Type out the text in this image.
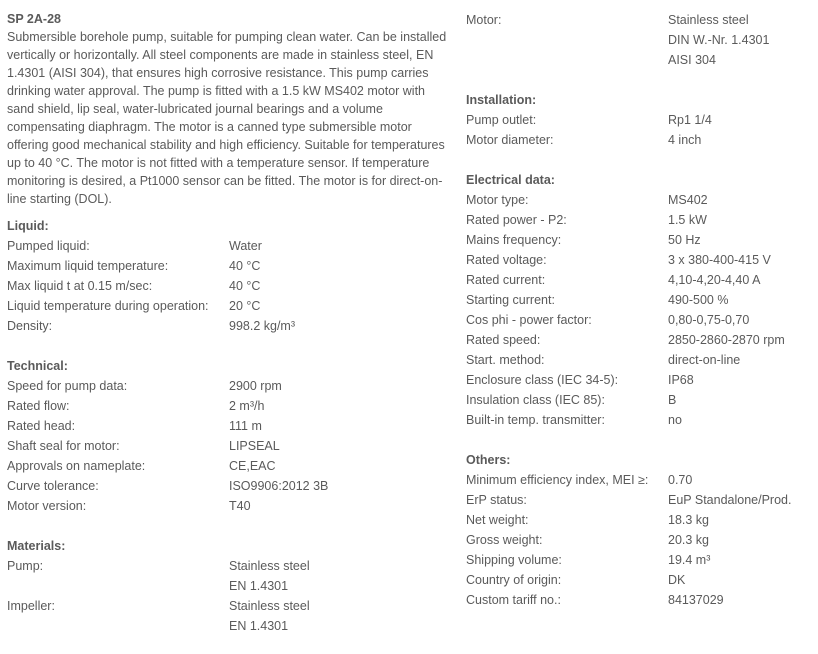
SP 2A-28

Submersible borehole pump, suitable for pumping clean water. Can be installed vertically or horizontally. All steel components are made in stainless steel, EN 1.4301 (AISI 304), that ensures high corrosive resistance. This pump carries drinking water approval. The pump is fitted with a 1.5 kW MS402 motor with sand shield, lip seal, water-lubricated journal bearings and a volume compensating diaphragm. The motor is a canned type submersible motor offering good mechanical stability and high efficiency. Suitable for temperatures up to 40 °C. The motor is not fitted with a temperature sensor. If temperature monitoring is desired, a Pt1000 sensor can be fitted. The motor is for direct-on-line starting (DOL).

Liquid:
Pumped liquid:	Water
Maximum liquid temperature:	40 °C
Max liquid t at 0.15 m/sec:	40 °C
Liquid temperature during operation: 20 °C
Density:	998.2 kg/m³
Technical:
Speed for pump data:	2900 rpm
Rated flow:	2 m³/h
Rated head:	111 m
Shaft seal for motor:	LIPSEAL
Approvals on nameplate:	CE,EAC
Curve tolerance:	ISO9906:2012 3B
Motor version:	T40
Materials:
Pump:	Stainless steel
EN 1.4301
Impeller:	Stainless steel
EN 1.4301
Motor:	Stainless steel
DIN W.-Nr. 1.4301
AISI 304
Installation:
Pump outlet:	Rp1 1/4
Motor diameter:	4 inch
Electrical data:
Motor type:	MS402
Rated power - P2:	1.5 kW
Mains frequency:	50 Hz
Rated voltage:	3 x 380-400-415 V
Rated current:	4,10-4,20-4,40 A
Starting current:	490-500 %
Cos phi - power factor:	0,80-0,75-0,70
Rated speed:	2850-2860-2870 rpm
Start. method:	direct-on-line
Enclosure class (IEC 34-5):	IP68
Insulation class (IEC 85):	B
Built-in temp. transmitter:	no
Others:
Minimum efficiency index, MEI ≥: 0.70
ErP status:	EuP Standalone/Prod.
Net weight:	18.3 kg
Gross weight:	20.3 kg
Shipping volume:	19.4 m³
Country of origin:	DK
Custom tariff no.:	84137029
